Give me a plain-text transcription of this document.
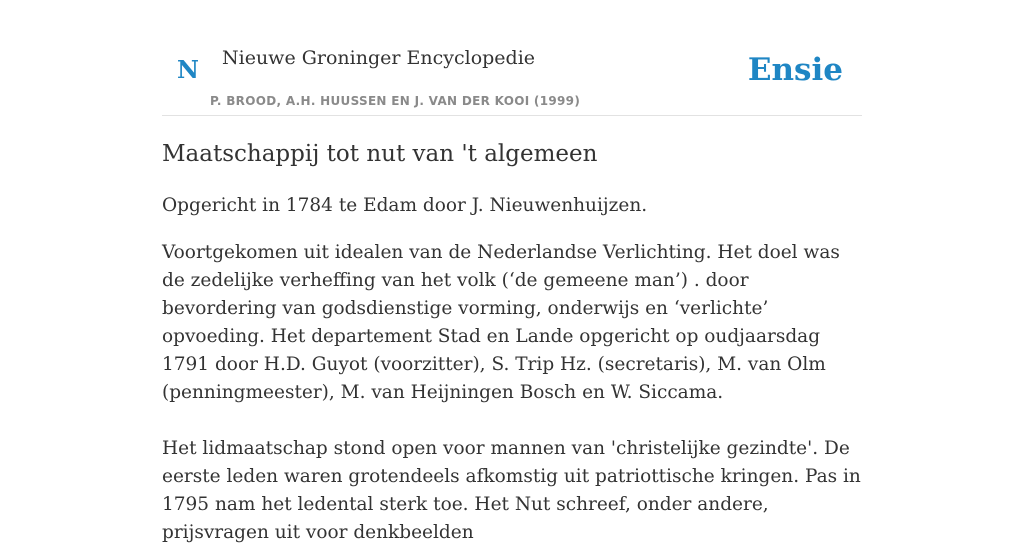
N Nieuwe Groninger Encyclopedie
P. BROOD, A.H. HUUSSEN EN J. VAN DER KOOI (1999)
Ensie
Maatschappij tot nut van 't algemeen

Opgericht in 1784 te Edam door J. Nieuwenhuijzen.

Voortgekomen uit idealen van de Nederlandse Verlichting. Het doel was de zedelijke verheffing van het volk (‘de gemeene man’) . door bevordering van godsdienstige vorming, onderwijs en ‘verlichte’ opvoeding. Het departement Stad en Lande opgericht op oudjaarsdag 1791 door H.D. Guyot (voorzitter), S. Trip Hz. (secretaris), M. van Olm (penningmeester), M. van Heijningen Bosch en W. Siccama.

Het lidmaatschap stond open voor mannen van 'christelijke gezindte'. De eerste leden waren grotendeels afkomstig uit patriottische kringen. Pas in 1795 nam het ledental sterk toe. Het Nut schreef, onder andere, prijsvragen uit voor denkbeelden
